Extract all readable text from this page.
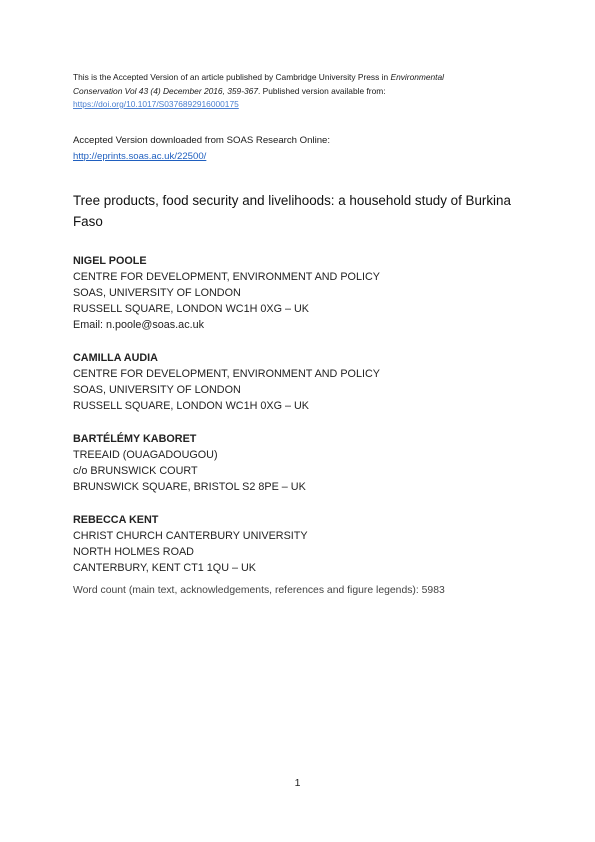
This is the Accepted Version of an article published by Cambridge University Press in Environmental
Conservation Vol 43 (4) December 2016, 359-367. Published version available from:
https://doi.org/10.1017/S0376892916000175
Accepted Version downloaded from SOAS Research Online:
http://eprints.soas.ac.uk/22500/
Tree products, food security and livelihoods: a household study of Burkina Faso
NIGEL POOLE
CENTRE FOR DEVELOPMENT, ENVIRONMENT AND POLICY
SOAS, UNIVERSITY OF LONDON
RUSSELL SQUARE, LONDON WC1H 0XG – UK
Email: n.poole@soas.ac.uk
CAMILLA AUDIA
CENTRE FOR DEVELOPMENT, ENVIRONMENT AND POLICY
SOAS, UNIVERSITY OF LONDON
RUSSELL SQUARE, LONDON WC1H 0XG – UK
BARTÉLÉMY KABORET
TREEAID (OUAGADOUGOU)
c/o BRUNSWICK COURT
BRUNSWICK SQUARE, BRISTOL S2 8PE – UK
REBECCA KENT
CHRIST CHURCH CANTERBURY UNIVERSITY
NORTH HOLMES ROAD
CANTERBURY, KENT CT1 1QU – UK
Word count (main text, acknowledgements, references and figure legends): 5983
1
